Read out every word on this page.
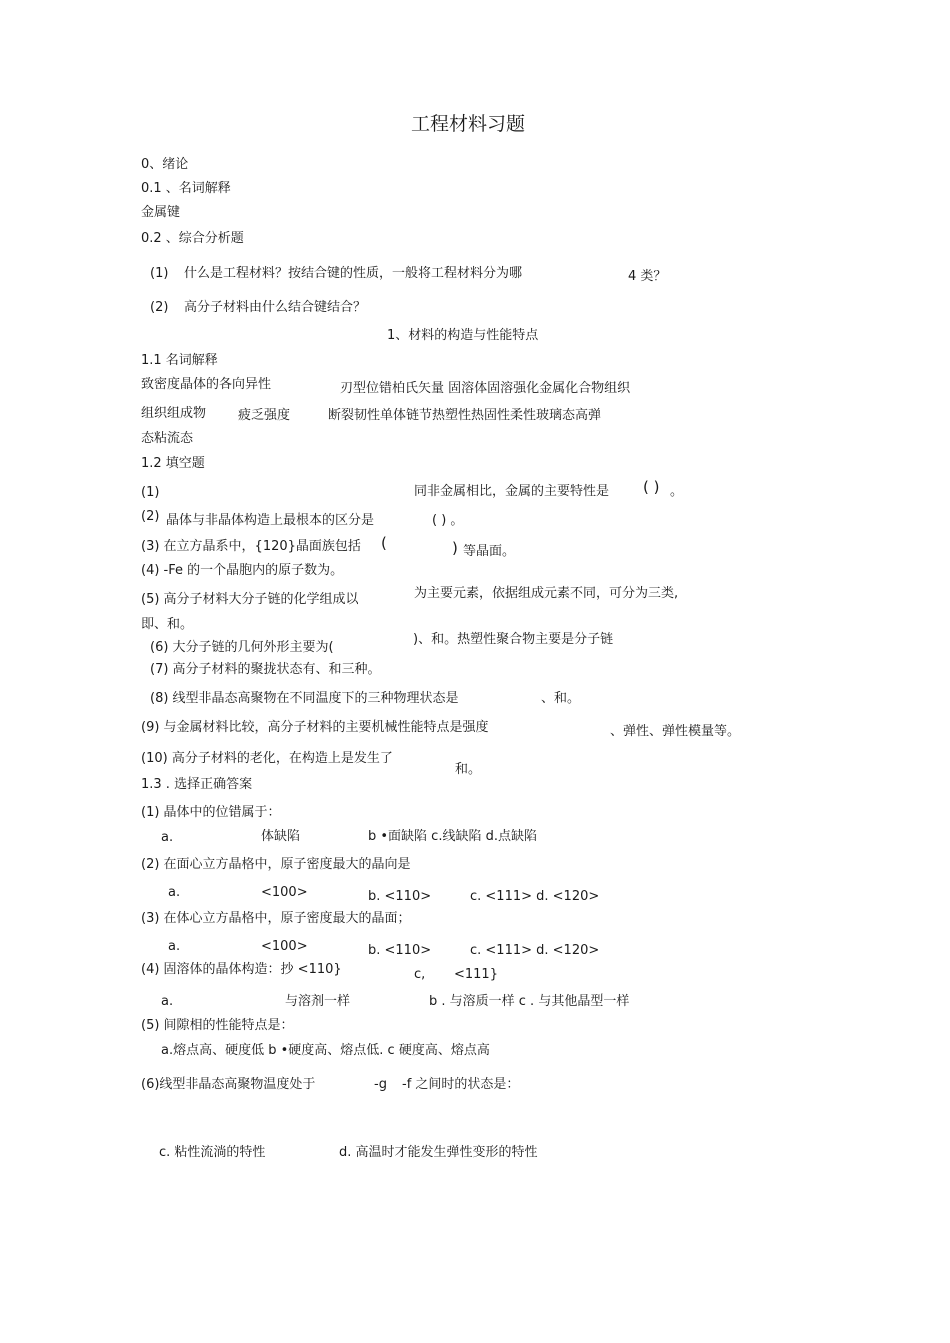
工程材料习题
0、绪论
0.1 、名词解释
金属键
0.2 、综合分析题
(1) 什么是工程材料？按结合键的性质，一般将工程材料分为哪	4 类？
(2) 高分子材料由什么结合键结合？
1、材料的构造与性能特点
1.1 名词解释
致密度晶体的各向异性	刃型位错柏氏矢量 固溶体固溶强化金属化合物组织
组织组成物 疲乏强度	断裂韧性单体链节热塑性热固性柔性玻璃态高弹
态粘流态
1.2 填空题
(1)	同非金属相比，金属的主要特性是 ( ) 。
(2) 晶体与非晶体构造上最根本的区分是	( ) 。
(3) 在立方晶系中，{120}晶面族包括 (	) 等晶面。
(4) -Fe 的一个晶胞内的原子数为。
(5) 高分子材料大分子链的化学组成以	为主要元素，依据组成元素不同，可分为三类,
即、和。
(6) 大分子链的几何外形主要为(
)、和。热塑性聚合物主要是分子链
(7) 高分子材料的聚拢状态有、和三种。
(8) 线型非晶态高聚物在不同温度下的三种物理状态是	、和。
(9) 与金属材料比较，高分子材料的主要机械性能特点是强度	、弹性、弹性模量等。
(10) 高分子材料的老化，在构造上是发生了
和。
1.3 . 选择正确答案
(1) 晶体中的位错属于：
a.	体缺陷	b •面缺陷 c.线缺陷 d.点缺陷
(2) 在面心立方晶格中，原子密度最大的晶向是
a.	<100>	b. <110>	c. <111> d. <120>
(3) 在体心立方晶格中，原子密度最大的晶面；
a.	<100>	b. <110>	c. <111> d. <120>
(4) 固溶体的晶体构造：抄 <110}	c, <111}
a.	与溶剂一样	b . 与溶质一样 c . 与其他晶型一样
(5) 间隙相的性能特点是：
a.熔点高、硬度低 b •硬度高、熔点低. c 硬度高、熔点高
(6)线型非晶态高聚物温度处于	-g -f 之间时的状态是：
c. 粘性流淌的特性	d. 高温时才能发生弹性变形的特性
